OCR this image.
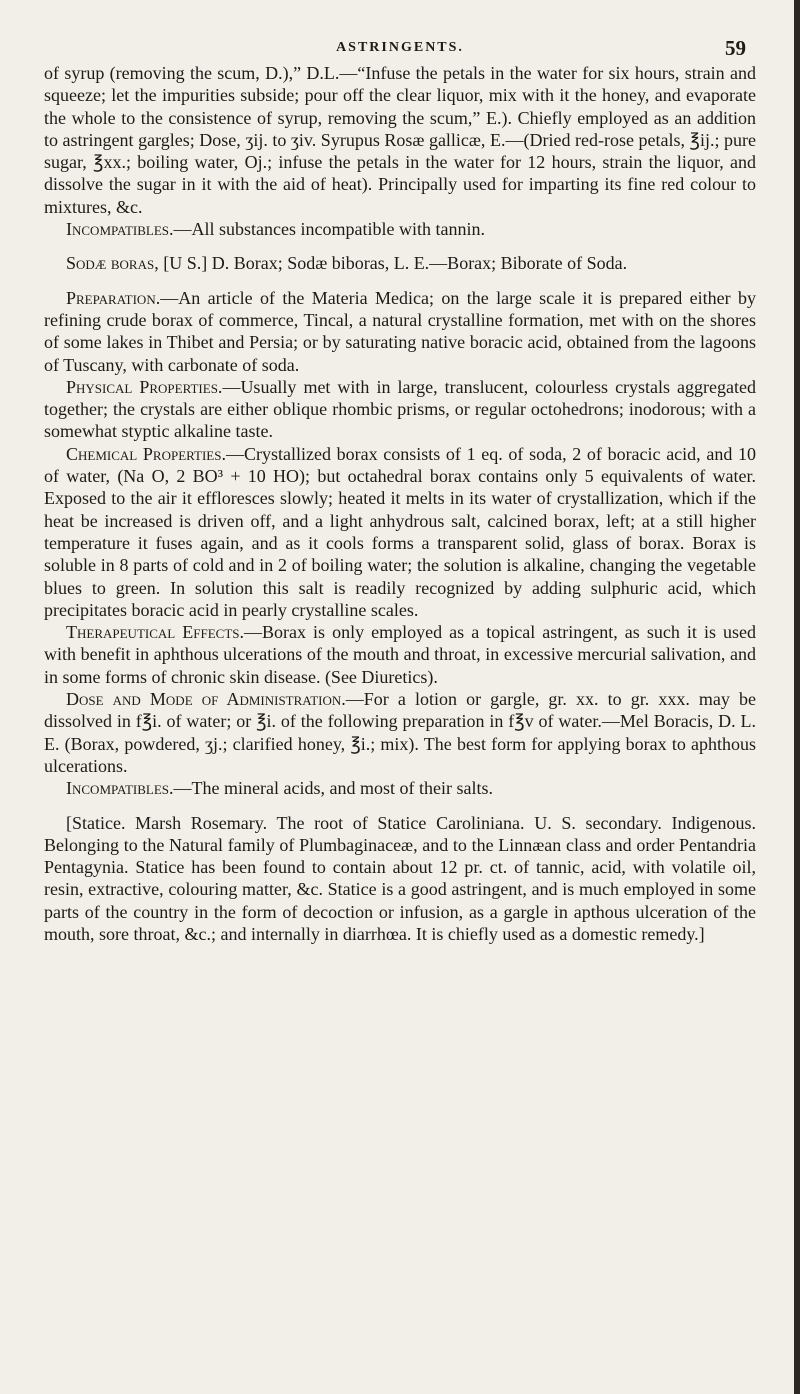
ASTRINGENTS.	59

of syrup (removing the scum, D.),” D.L.—“Infuse the petals in the water for six hours, strain and squeeze; let the impurities subside; pour off the clear liquor, mix with it the honey, and evaporate the whole to the consistence of syrup, removing the scum,” E.). Chiefly employed as an addition to astringent gargles; Dose, ʒij. to ʒiv. Syrupus Rosæ gallicæ, E.—(Dried red-rose petals, ℥ij.; pure sugar, ℥xx.; boiling water, Oj.; infuse the petals in the water for 12 hours, strain the liquor, and dissolve the sugar in it with the aid of heat). Principally used for imparting its fine red colour to mixtures, &c.

Incompatibles.—All substances incompatible with tannin.

Sodæ boras, [U S.] D. Borax; Sodæ biboras, L. E.—Borax; Biborate of Soda.

Preparation.—An article of the Materia Medica; on the large scale it is prepared either by refining crude borax of commerce, Tincal, a natural crystalline formation, met with on the shores of some lakes in Thibet and Persia; or by saturating native boracic acid, obtained from the lagoons of Tuscany, with carbonate of soda.

Physical Properties.—Usually met with in large, translucent, colourless crystals aggregated together; the crystals are either oblique rhombic prisms, or regular octohedrons; inodorous; with a somewhat styptic alkaline taste.

Chemical Properties.—Crystallized borax consists of 1 eq. of soda, 2 of boracic acid, and 10 of water, (Na O, 2 BO³ + 10 HO); but octahedral borax contains only 5 equivalents of water. Exposed to the air it effloresces slowly; heated it melts in its water of crystallization, which if the heat be increased is driven off, and a light anhydrous salt, calcined borax, left; at a still higher temperature it fuses again, and as it cools forms a transparent solid, glass of borax. Borax is soluble in 8 parts of cold and in 2 of boiling water; the solution is alkaline, changing the vegetable blues to green. In solution this salt is readily recognized by adding sulphuric acid, which precipitates boracic acid in pearly crystalline scales.

Therapeutical Effects.—Borax is only employed as a topical astringent, as such it is used with benefit in aphthous ulcerations of the mouth and throat, in excessive mercurial salivation, and in some forms of chronic skin disease. (See Diuretics).

Dose and Mode of Administration.—For a lotion or gargle, gr. xx. to gr. xxx. may be dissolved in f℥i. of water; or ℥i. of the following preparation in f℥v of water.—Mel Boracis, D. L. E. (Borax, powdered, ʒj.; clarified honey, ℥i.; mix). The best form for applying borax to aphthous ulcerations.

Incompatibles.—The mineral acids, and most of their salts.

[Statice. Marsh Rosemary. The root of Statice Caroliniana. U. S. secondary. Indigenous. Belonging to the Natural family of Plumbaginaceæ, and to the Linnæan class and order Pentandria Pentagynia. Statice has been found to contain about 12 pr. ct. of tannic, acid, with volatile oil, resin, extractive, colouring matter, &c. Statice is a good astringent, and is much employed in some parts of the country in the form of decoction or infusion, as a gargle in apthous ulceration of the mouth, sore throat, &c.; and internally in diarrhœa. It is chiefly used as a domestic remedy.]
